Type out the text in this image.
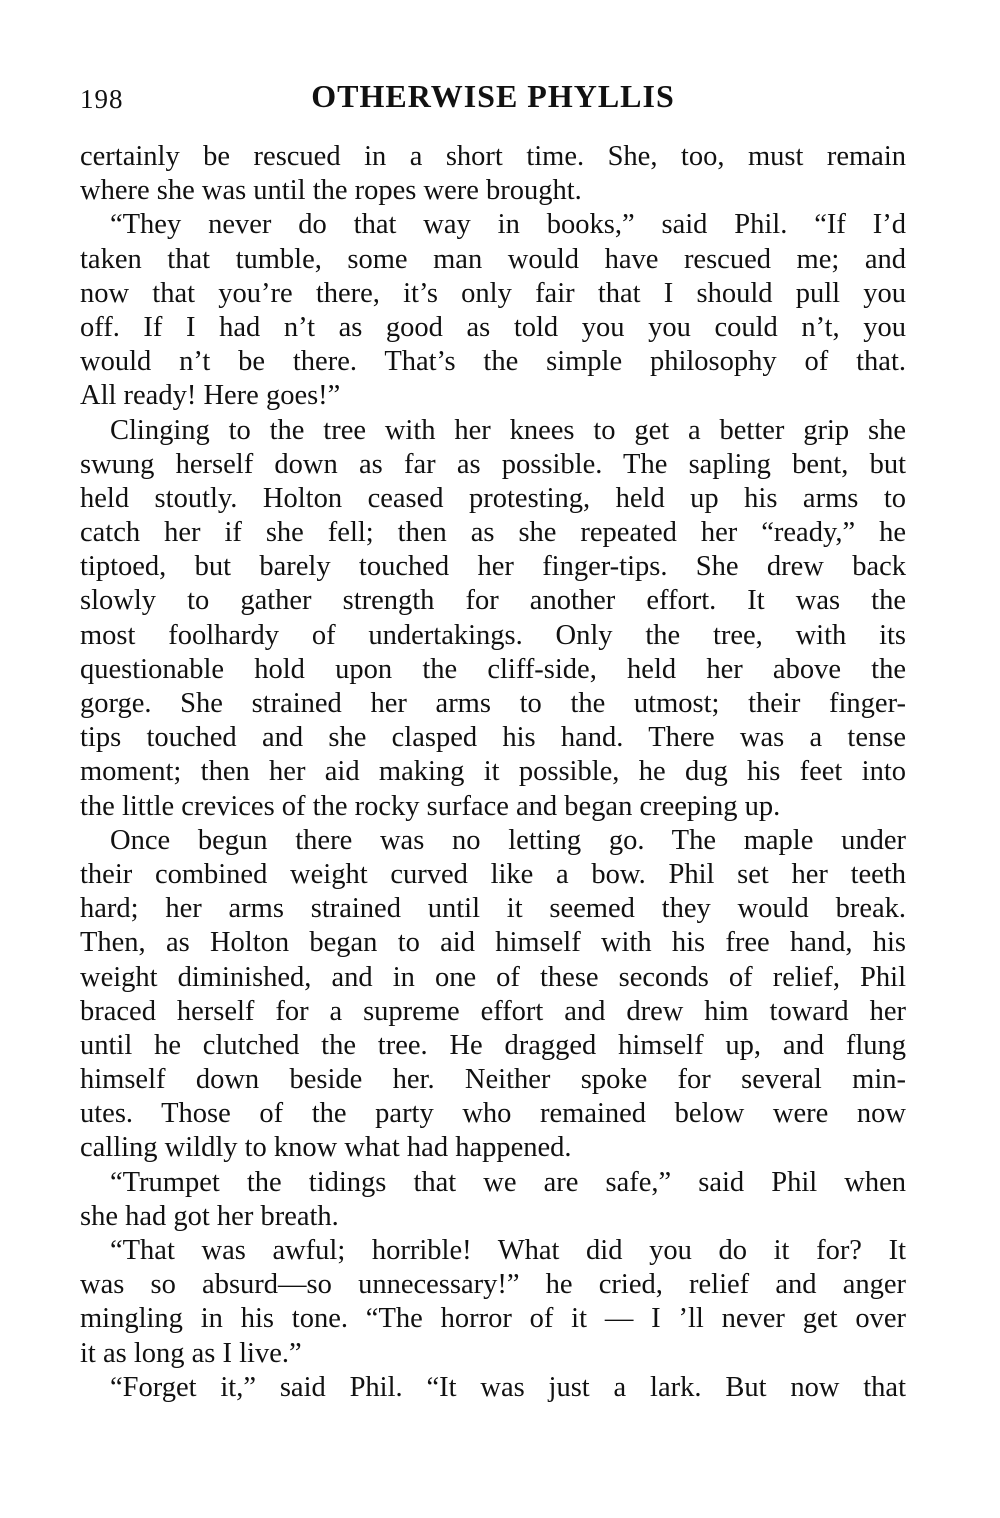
198	OTHERWISE PHYLLIS
certainly be rescued in a short time. She, too, must remain
where she was until the ropes were brought.
“They never do that way in books,” said Phil. “If I’d
taken that tumble, some man would have rescued me; and
now that you’re there, it’s only fair that I should pull you
off. If I had n’t as good as told you you could n’t, you
would n’t be there. That’s the simple philosophy of that.
All ready! Here goes!”
Clinging to the tree with her knees to get a better grip she
swung herself down as far as possible. The sapling bent, but
held stoutly. Holton ceased protesting, held up his arms to
catch her if she fell; then as she repeated her “ready,” he
tiptoed, but barely touched her finger-tips. She drew back
slowly to gather strength for another effort. It was the
most foolhardy of undertakings. Only the tree, with its
questionable hold upon the cliff-side, held her above the
gorge. She strained her arms to the utmost; their finger-
tips touched and she clasped his hand. There was a tense
moment; then her aid making it possible, he dug his feet into
the little crevices of the rocky surface and began creeping up.
Once begun there was no letting go. The maple under
their combined weight curved like a bow. Phil set her teeth
hard; her arms strained until it seemed they would break.
Then, as Holton began to aid himself with his free hand, his
weight diminished, and in one of these seconds of relief, Phil
braced herself for a supreme effort and drew him toward her
until he clutched the tree. He dragged himself up, and flung
himself down beside her. Neither spoke for several min-
utes. Those of the party who remained below were now
calling wildly to know what had happened.
“Trumpet the tidings that we are safe,” said Phil when
she had got her breath.
“That was awful; horrible! What did you do it for? It
was so absurd—so unnecessary!” he cried, relief and anger
mingling in his tone. “The horror of it — I ’ll never get over
it as long as I live.”
“Forget it,” said Phil. “It was just a lark. But now that
